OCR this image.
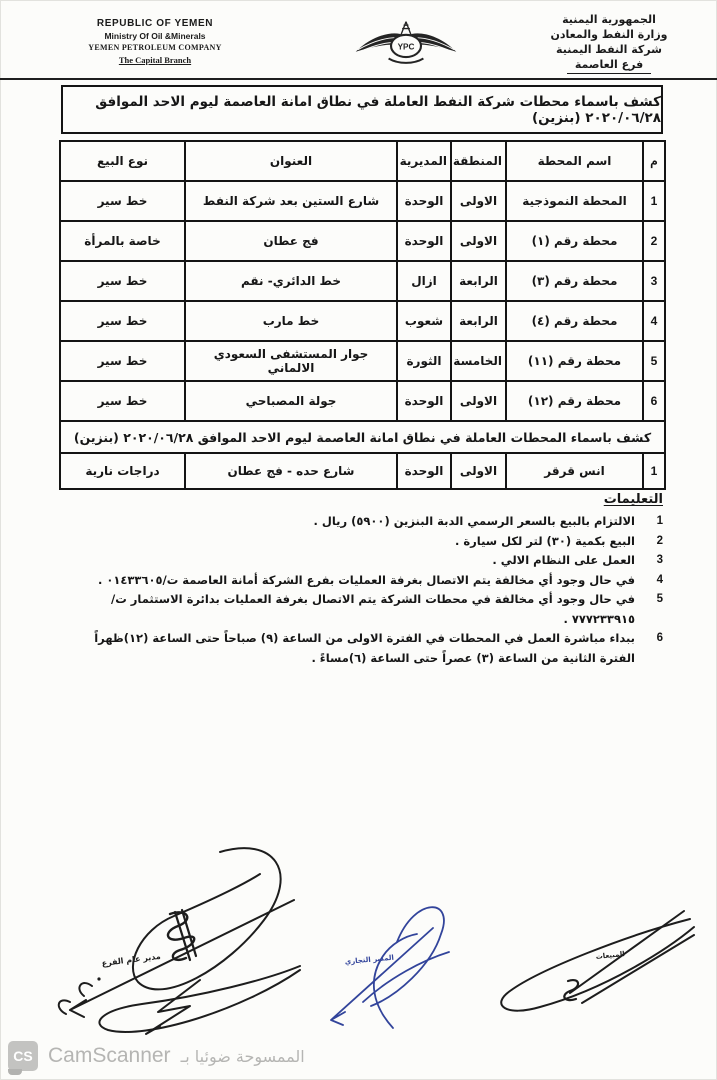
REPUBLIC OF YEMEN
Ministry Of Oil &Minerals
YEMEN PETROLEUM COMPANY
The Capital Branch
YPC
الجمهورية اليمنية
وزارة النفط والمعادن
شركة النفط اليمنية
فرع العاصمة
كشف باسماء محطات شركة النفط العاملة في نطاق امانة العاصمة ليوم الاحد الموافق ٢٠٢٠/٠٦/٢٨ (بنزين)
م	اسم المحطة	المنطقة	المديرية	العنوان	نوع البيع
1	المحطة النموذجية	الاولى	الوحدة	شارع الستين بعد شركة النفط	خط سير
2	محطة رقم (١)	الاولى	الوحدة	فج عطان	خاصة بالمرأة
3	محطة رقم (٣)	الرابعة	ازال	خط الدائري- نقم	خط سير
4	محطة رقم (٤)	الرابعة	شعوب	خط مارب	خط سير
5	محطة رقم (١١)	الخامسة	الثورة	جوار المستشفى السعودي الالماني	خط سير
6	محطة رقم (١٢)	الاولى	الوحدة	جولة المصباحي	خط سير
كشف باسماء المحطات العاملة في نطاق امانة العاصمة ليوم الاحد الموافق ٢٠٢٠/٠٦/٢٨ (بنزين)					
1	انس قرقر	الاولى	الوحدة	شارع حده - فج عطان	دراجات نارية
التعليمات
1
الالتزام بالبيع بالسعر الرسمي الدبة البنزين (٥٩٠٠) ريال .
2
البيع بكمية (٣٠) لتر لكل سيارة .
3
العمل على النظام الالي .
4
في حال وجود أي مخالفة يتم الاتصال بغرفة العمليات بفرع الشركة أمانة العاصمة ت/٠١٤٣٣٦٠٥ .
5
في حال وجود أي مخالفة في محطات الشركة يتم الاتصال بغرفة العمليات بدائرة الاستثمار ت/٧٧٧٢٣٣٩١٥ .
6
ببداء مباشرة العمل في المحطات في الفترة الاولى من الساعة (٩) صباحاً حتى الساعة (١٢)ظهراً
الفترة الثانية من الساعة (٣) عصراً حتى الساعة (٦)مساءً .
مدير عام الفرع	المدير التجاري	المبيعات
CS CamScanner الممسوحة ضوئيا بـ
